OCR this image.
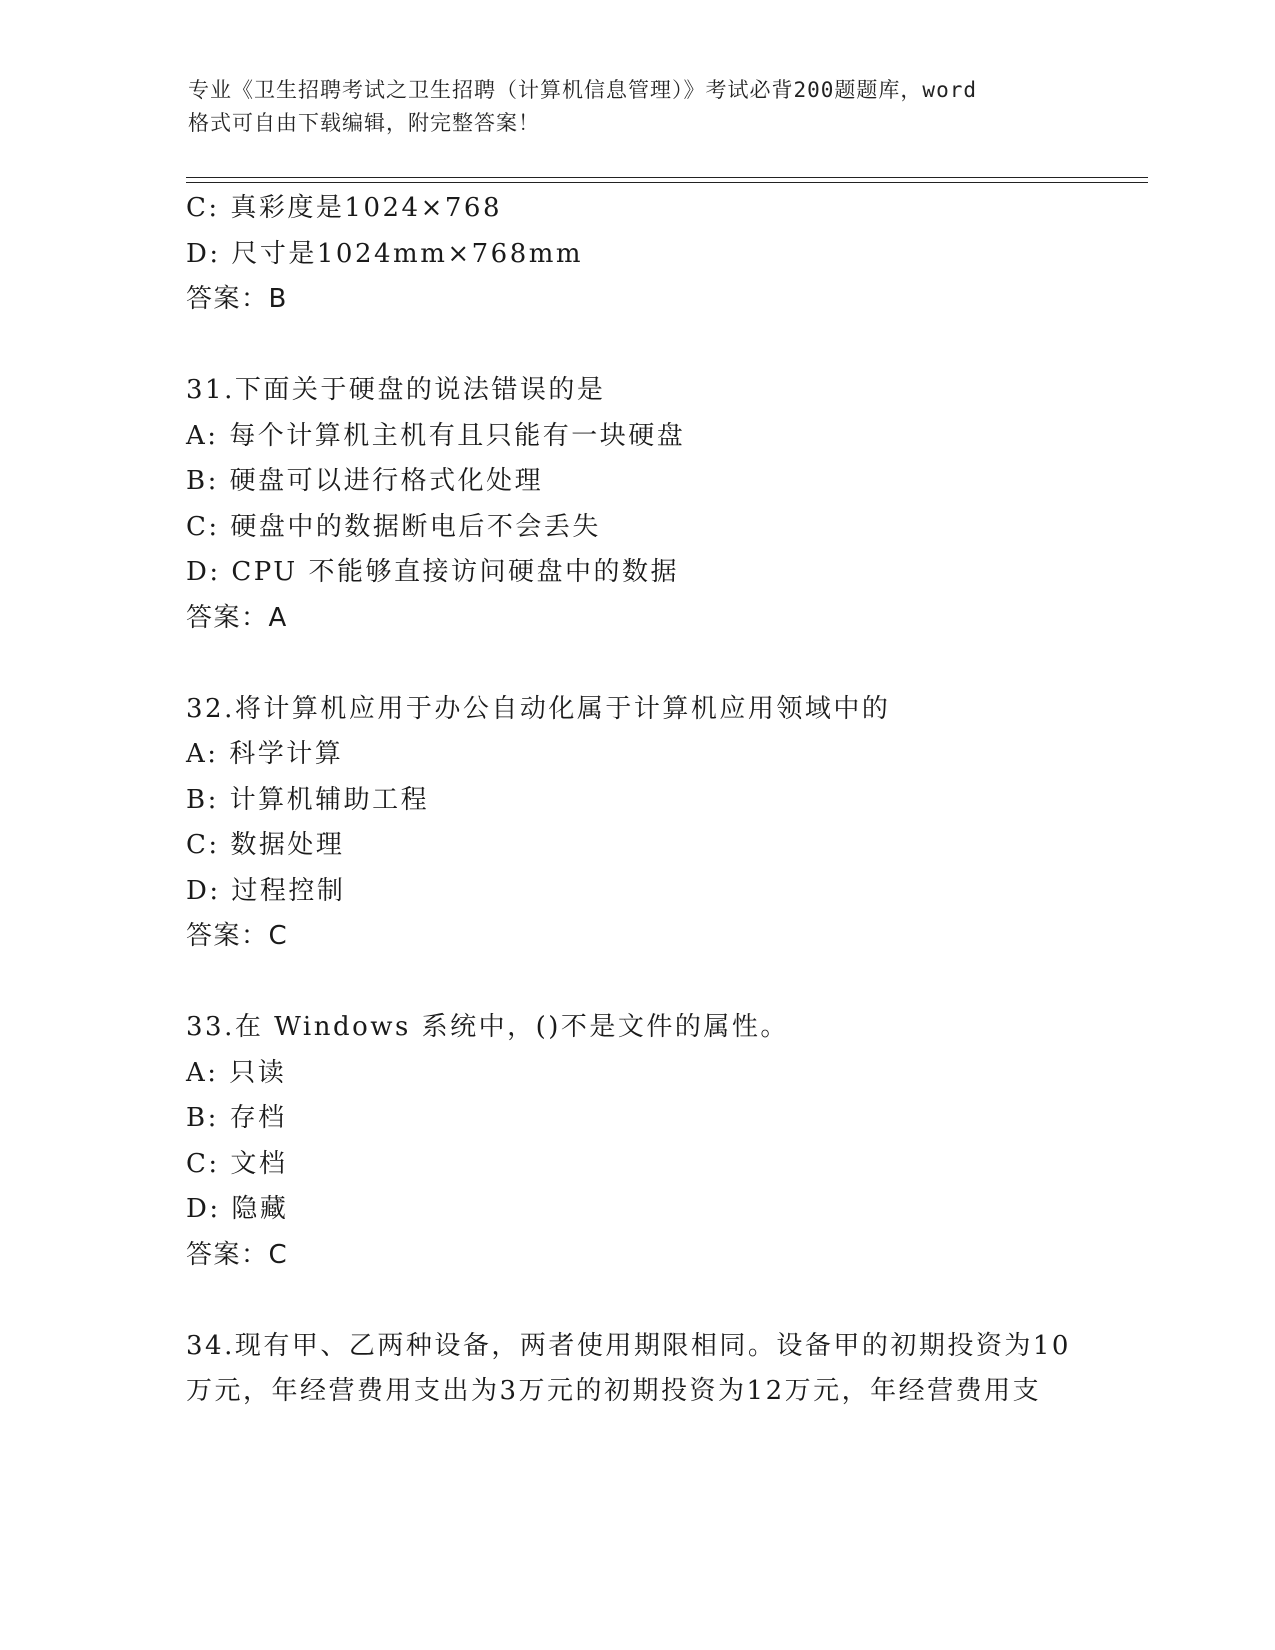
专业《卫生招聘考试之卫生招聘（计算机信息管理）》考试必背200题题库，word
格式可自由下载编辑，附完整答案！
C: 真彩度是1024×768
D: 尺寸是1024mm×768mm
答案：B
31.下面关于硬盘的说法错误的是
A: 每个计算机主机有且只能有一块硬盘
B: 硬盘可以进行格式化处理
C: 硬盘中的数据断电后不会丢失
D: CPU 不能够直接访问硬盘中的数据
答案：A
32.将计算机应用于办公自动化属于计算机应用领域中的
A: 科学计算
B: 计算机辅助工程
C: 数据处理
D: 过程控制
答案：C
33.在 Windows 系统中，()不是文件的属性。
A: 只读
B: 存档
C: 文档
D: 隐藏
答案：C
34.现有甲、乙两种设备，两者使用期限相同。设备甲的初期投资为10
万元，年经营费用支出为3万元的初期投资为12万元，年经营费用支
